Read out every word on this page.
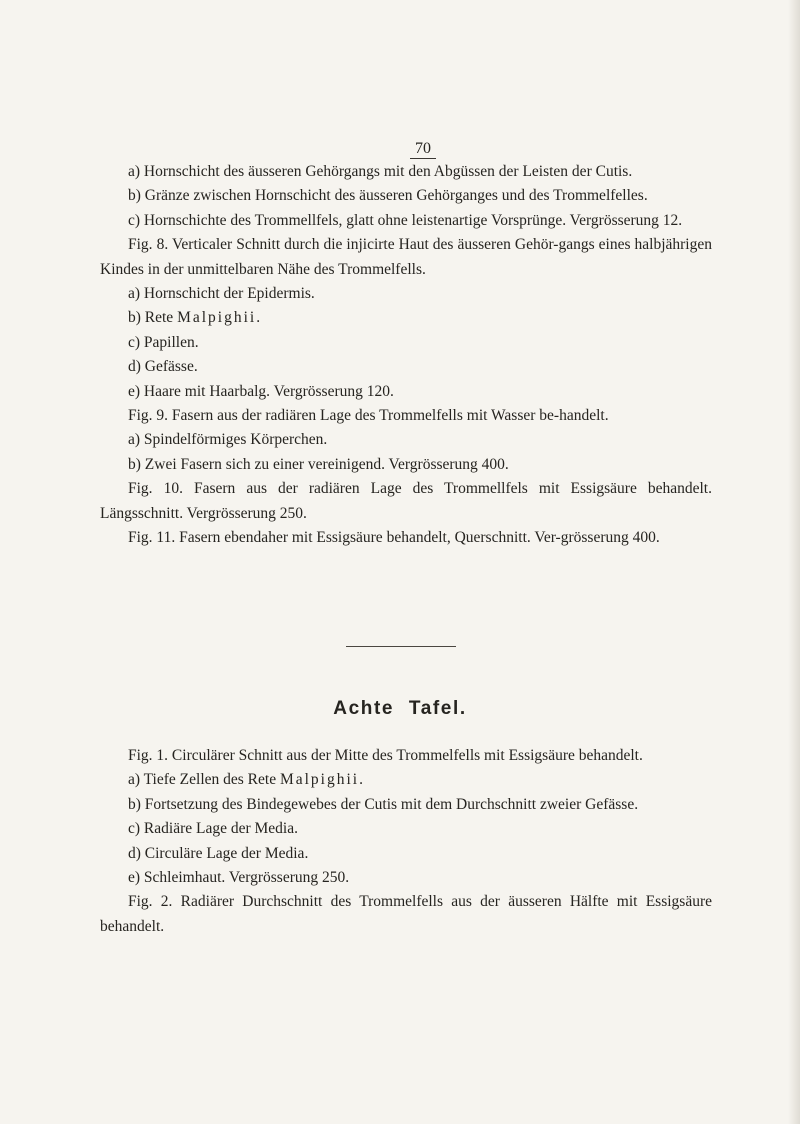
70

a) Hornschicht des äusseren Gehörgangs mit den Abgüssen der Leisten der Cutis.

b) Gränze zwischen Hornschicht des äusseren Gehörganges und des Trommelfelles.

c) Hornschichte des Trommellfels, glatt ohne leistenartige Vorsprünge. Vergrösserung 12.

Fig. 8. Verticaler Schnitt durch die injicirte Haut des äusseren Gehör-gangs eines halbjährigen Kindes in der unmittelbaren Nähe des Trommelfells.

a) Hornschicht der Epidermis.

b) Rete Malpighii.

c) Papillen.

d) Gefässe.

e) Haare mit Haarbalg. Vergrösserung 120.

Fig. 9. Fasern aus der radiären Lage des Trommelfells mit Wasser be-handelt.

a) Spindelförmiges Körperchen.

b) Zwei Fasern sich zu einer vereinigend. Vergrösserung 400.

Fig. 10. Fasern aus der radiären Lage des Trommellfels mit Essigsäure behandelt. Längsschnitt. Vergrösserung 250.

Fig. 11. Fasern ebendaher mit Essigsäure behandelt, Querschnitt. Ver-grösserung 400.

Achte Tafel.

Fig. 1. Circulärer Schnitt aus der Mitte des Trommelfells mit Essigsäure behandelt.

a) Tiefe Zellen des Rete Malpighii.

b) Fortsetzung des Bindegewebes der Cutis mit dem Durchschnitt zweier Gefässe.

c) Radiäre Lage der Media.

d) Circuläre Lage der Media.

e) Schleimhaut. Vergrösserung 250.

Fig. 2. Radiärer Durchschnitt des Trommelfells aus der äusseren Hälfte mit Essigsäure behandelt.
